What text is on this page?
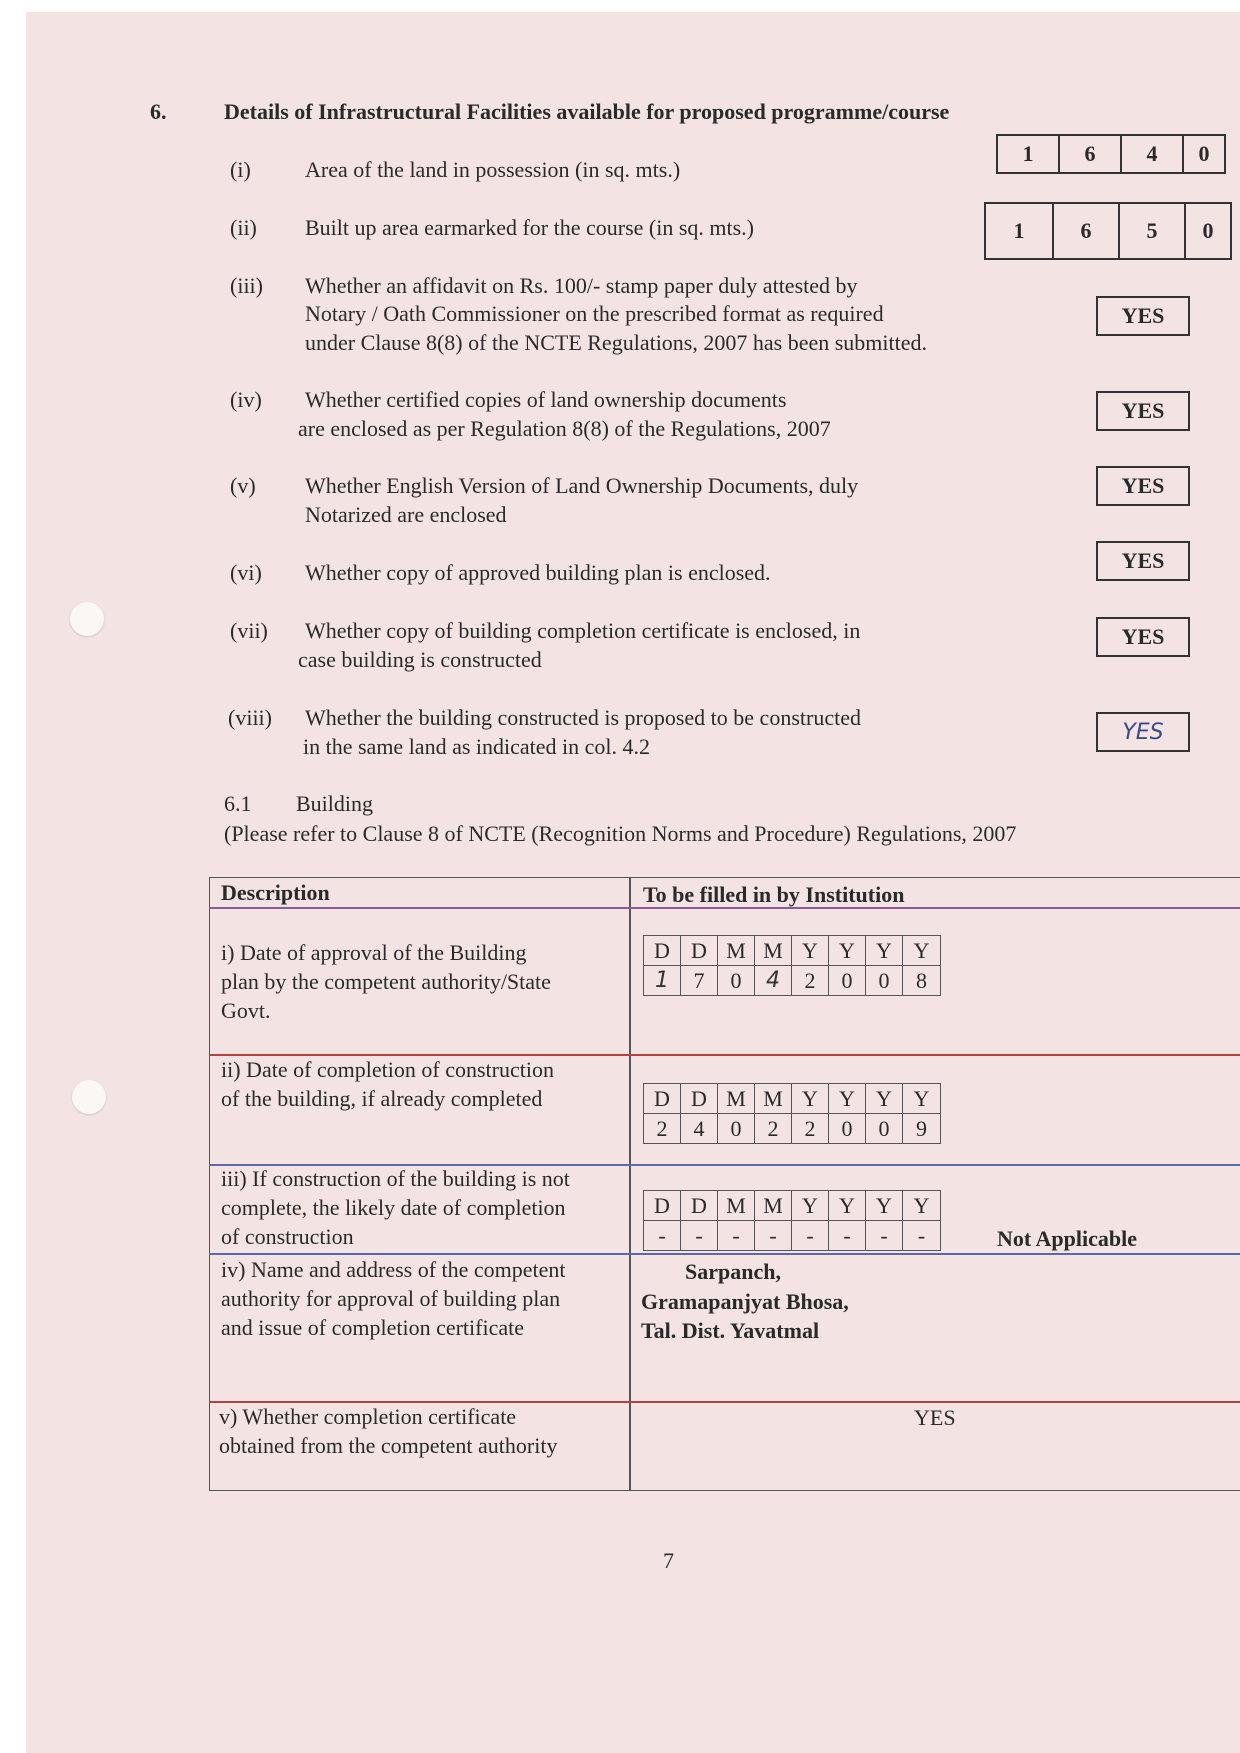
6.	Details of Infrastructural Facilities available for proposed programme/course
(i) Area of the land in possession (in sq. mts.)
1	6	4	0
(ii) Built up area earmarked for the course (in sq. mts.)	1	6	5	0
(iii) Whether an affidavit on Rs. 100/- stamp paper duly attested by
Notary / Oath Commissioner on the prescribed format as required
under Clause 8(8) of the NCTE Regulations, 2007 has been submitted.
YES
(iv) Whether certified copies of land ownership documents
are enclosed as per Regulation 8(8) of the Regulations, 2007
YES
(v) Whether English Version of Land Ownership Documents, duly
Notarized are enclosed
YES
(vi) Whether copy of approved building plan is enclosed.	YES
(vii) Whether copy of building completion certificate is enclosed, in
case building is constructed
YES
(viii) Whether the building constructed is proposed to be constructed
in the same land as indicated in col. 4.2
YES
6.1 Building
(Please refer to Clause 8 of NCTE (Recognition Norms and Procedure) Regulations, 2007
Description	To be filled in by Institution
i) Date of approval of the Building
plan by the competent authority/State
Govt.
D D M M Y Y Y Y
1	7	0	4	2	0	0	8
ii) Date of completion of construction
of the building, if already completed	D D M M Y Y Y Y
2	4	0	2	2	0	0	9
iii) If construction of the building is not
complete, the likely date of completion
of construction
D D M M Y Y Y Y
-	-	-	-	-	-	-	-	Not Applicable
iv) Name and address of the competent
authority for approval of building plan
and issue of completion certificate
Sarpanch,
Gramapanjyat Bhosa,
Tal. Dist. Yavatmal
v) Whether completion certificate
obtained from the competent authority
YES
7
